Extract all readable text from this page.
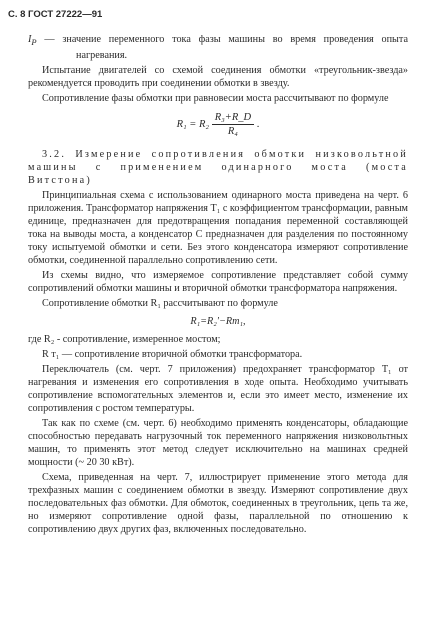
С. 8 ГОСТ 27222—91

$I_P$ — значение переменного тока фазы машины во время проведения опыта нагревания.

Испытание двигателей со схемой соединения обмотки «треугольник-звезда» рекомендуется проводить при соединении обмотки в звезду.

Сопротивление фазы обмотки при равновесии моста рассчитывают по формуле

$R_1 = R_2 \frac{\text{R₃+R\_D}}{\text{R₄}}$ .

3.2. Измерение сопротивления обмотки низковольтной машины с применением одинарного моста (моста Витстона)

Принципиальная схема с использованием одинарного моста приведена на черт. 6 приложения. Трансформатор напряжения T₁ с коэффициентом трансформации, равным единице, предназначен для предотвращения попадания переменной составляющей тока на выводы моста, а конденсатор С предназначен для разделения по постоянному току испытуемой обмотки и сети. Без этого конденсатора измеряют сопротивление обмотки, соединенной параллельно сопротивлению сети.

Из схемы видно, что измеряемое сопротивление представляет собой сумму сопротивлений обмотки машины и вторичной обмотки трансформатора напряжения.

Сопротивление обмотки R₁ рассчитывают по формуле

R₁=R₂′−Rт₁,

где R₂ - сопротивление, измеренное мостом;

R т₁ — сопротивление вторичной обмотки трансформатора.

Переключатель (см. черт. 7 приложения) предохраняет трансформатор T₁ от нагревания и изменения его сопротивления в ходе опыта. Необходимо учитывать сопротивление вспомогательных элементов и, если это имеет место, изменение их сопротивления с ростом температуры.

Так как по схеме (см. черт. 6) необходимо применять конденсаторы, обладающие способностью передавать нагрузочный ток переменного напряжения низковольтных машин, то применять этот метод следует исключительно на машинах средней мощности (~ 20 30 кВт).

Схема, приведенная на черт. 7, иллюстрирует применение этого метода для трехфазных машин с соединением обмотки в звезду. Измеряют сопротивление двух последовательных фаз обмотки. Для обмоток, соединенных в треугольник, цепь та же, но измеряют сопротивление одной фазы, параллельной по отношению к сопротивлению двух других фаз, включенных последовательно.
